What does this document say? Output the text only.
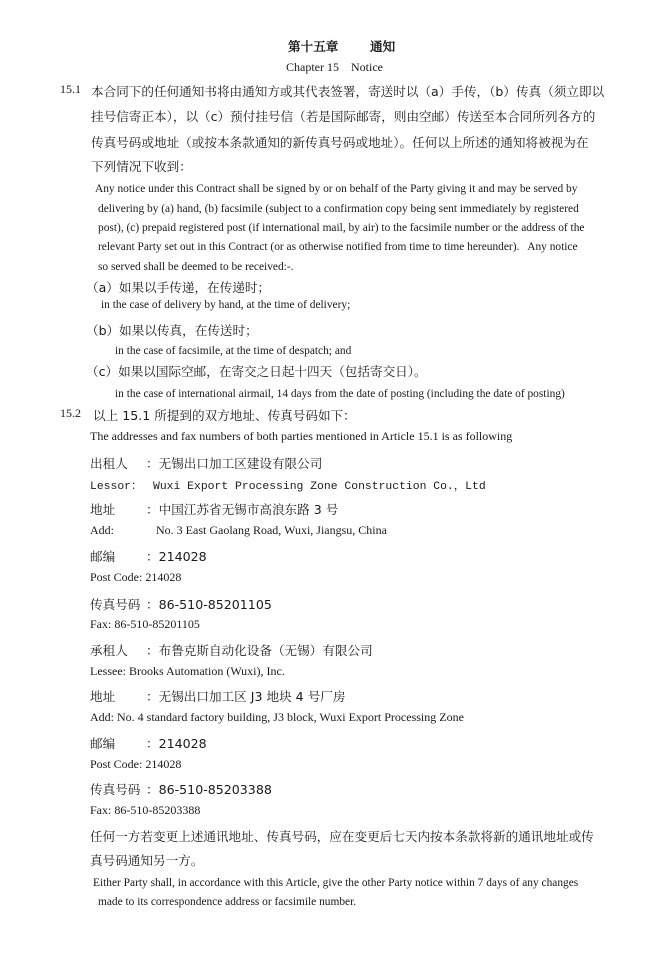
第十五章	通知
Chapter 15    Notice
15.1 本合同下的任何通知书将由通知方或其代表签署，寄送时以（a）手传，（b）传真（须立即以
挂号信寄正本），以（c）预付挂号信（若是国际邮寄，则由空邮）传送至本合同所列各方的
传真号码或地址（或按本条款通知的新传真号码或地址）。任何以上所述的通知将被视为在
下列情况下收到：
Any notice under this Contract shall be signed by or on behalf of the Party giving it and may be served by
delivering by (a) hand, (b) facsimile (subject to a confirmation copy being sent immediately by registered
post), (c) prepaid registered post (if international mail, by air) to the facsimile number or the address of the
relevant Party set out in this Contract (or as otherwise notified from time to time hereunder).   Any notice
so served shall be deemed to be received:-.
（a）如果以手传递，在传递时；
in the case of delivery by hand, at the time of delivery;
（b）如果以传真，在传送时；
in the case of facsimile, at the time of despatch; and
（c）如果以国际空邮，在寄交之日起十四天（包括寄交日）。
in the case of international airmail, 14 days from the date of posting (including the date of posting)
15.2 以上 15.1 所提到的双方地址、传真号码如下：
The addresses and fax numbers of both parties mentioned in Article 15.1 is as following
出租人 ：无锡出口加工区建设有限公司
Lessor： Wuxi Export Processing Zone Construction Co.，Ltd
地址 ：中国江苏省无锡市高浪东路 3 号
Add:	No. 3 East Gaolang Road, Wuxi, Jiangsu, China
邮编 ：214028
Post Code: 214028
传真号码 ：86-510-85201105
Fax: 86-510-85201105
承租人 ：布鲁克斯自动化设备（无锡）有限公司
Lessee: Brooks Automation (Wuxi), Inc.
地址 ：无锡出口加工区 J3 地块 4 号厂房
Add: No. 4 standard factory building, J3 block, Wuxi Export Processing Zone
邮编 ：214028
Post Code: 214028
传真号码 ：86-510-85203388
Fax: 86-510-85203388
任何一方若变更上述通讯地址、传真号码，应在变更后七天内按本条款将新的通讯地址或传
真号码通知另一方。
Either Party shall, in accordance with this Article, give the other Party notice within 7 days of any changes
made to its correspondence address or facsimile number.
